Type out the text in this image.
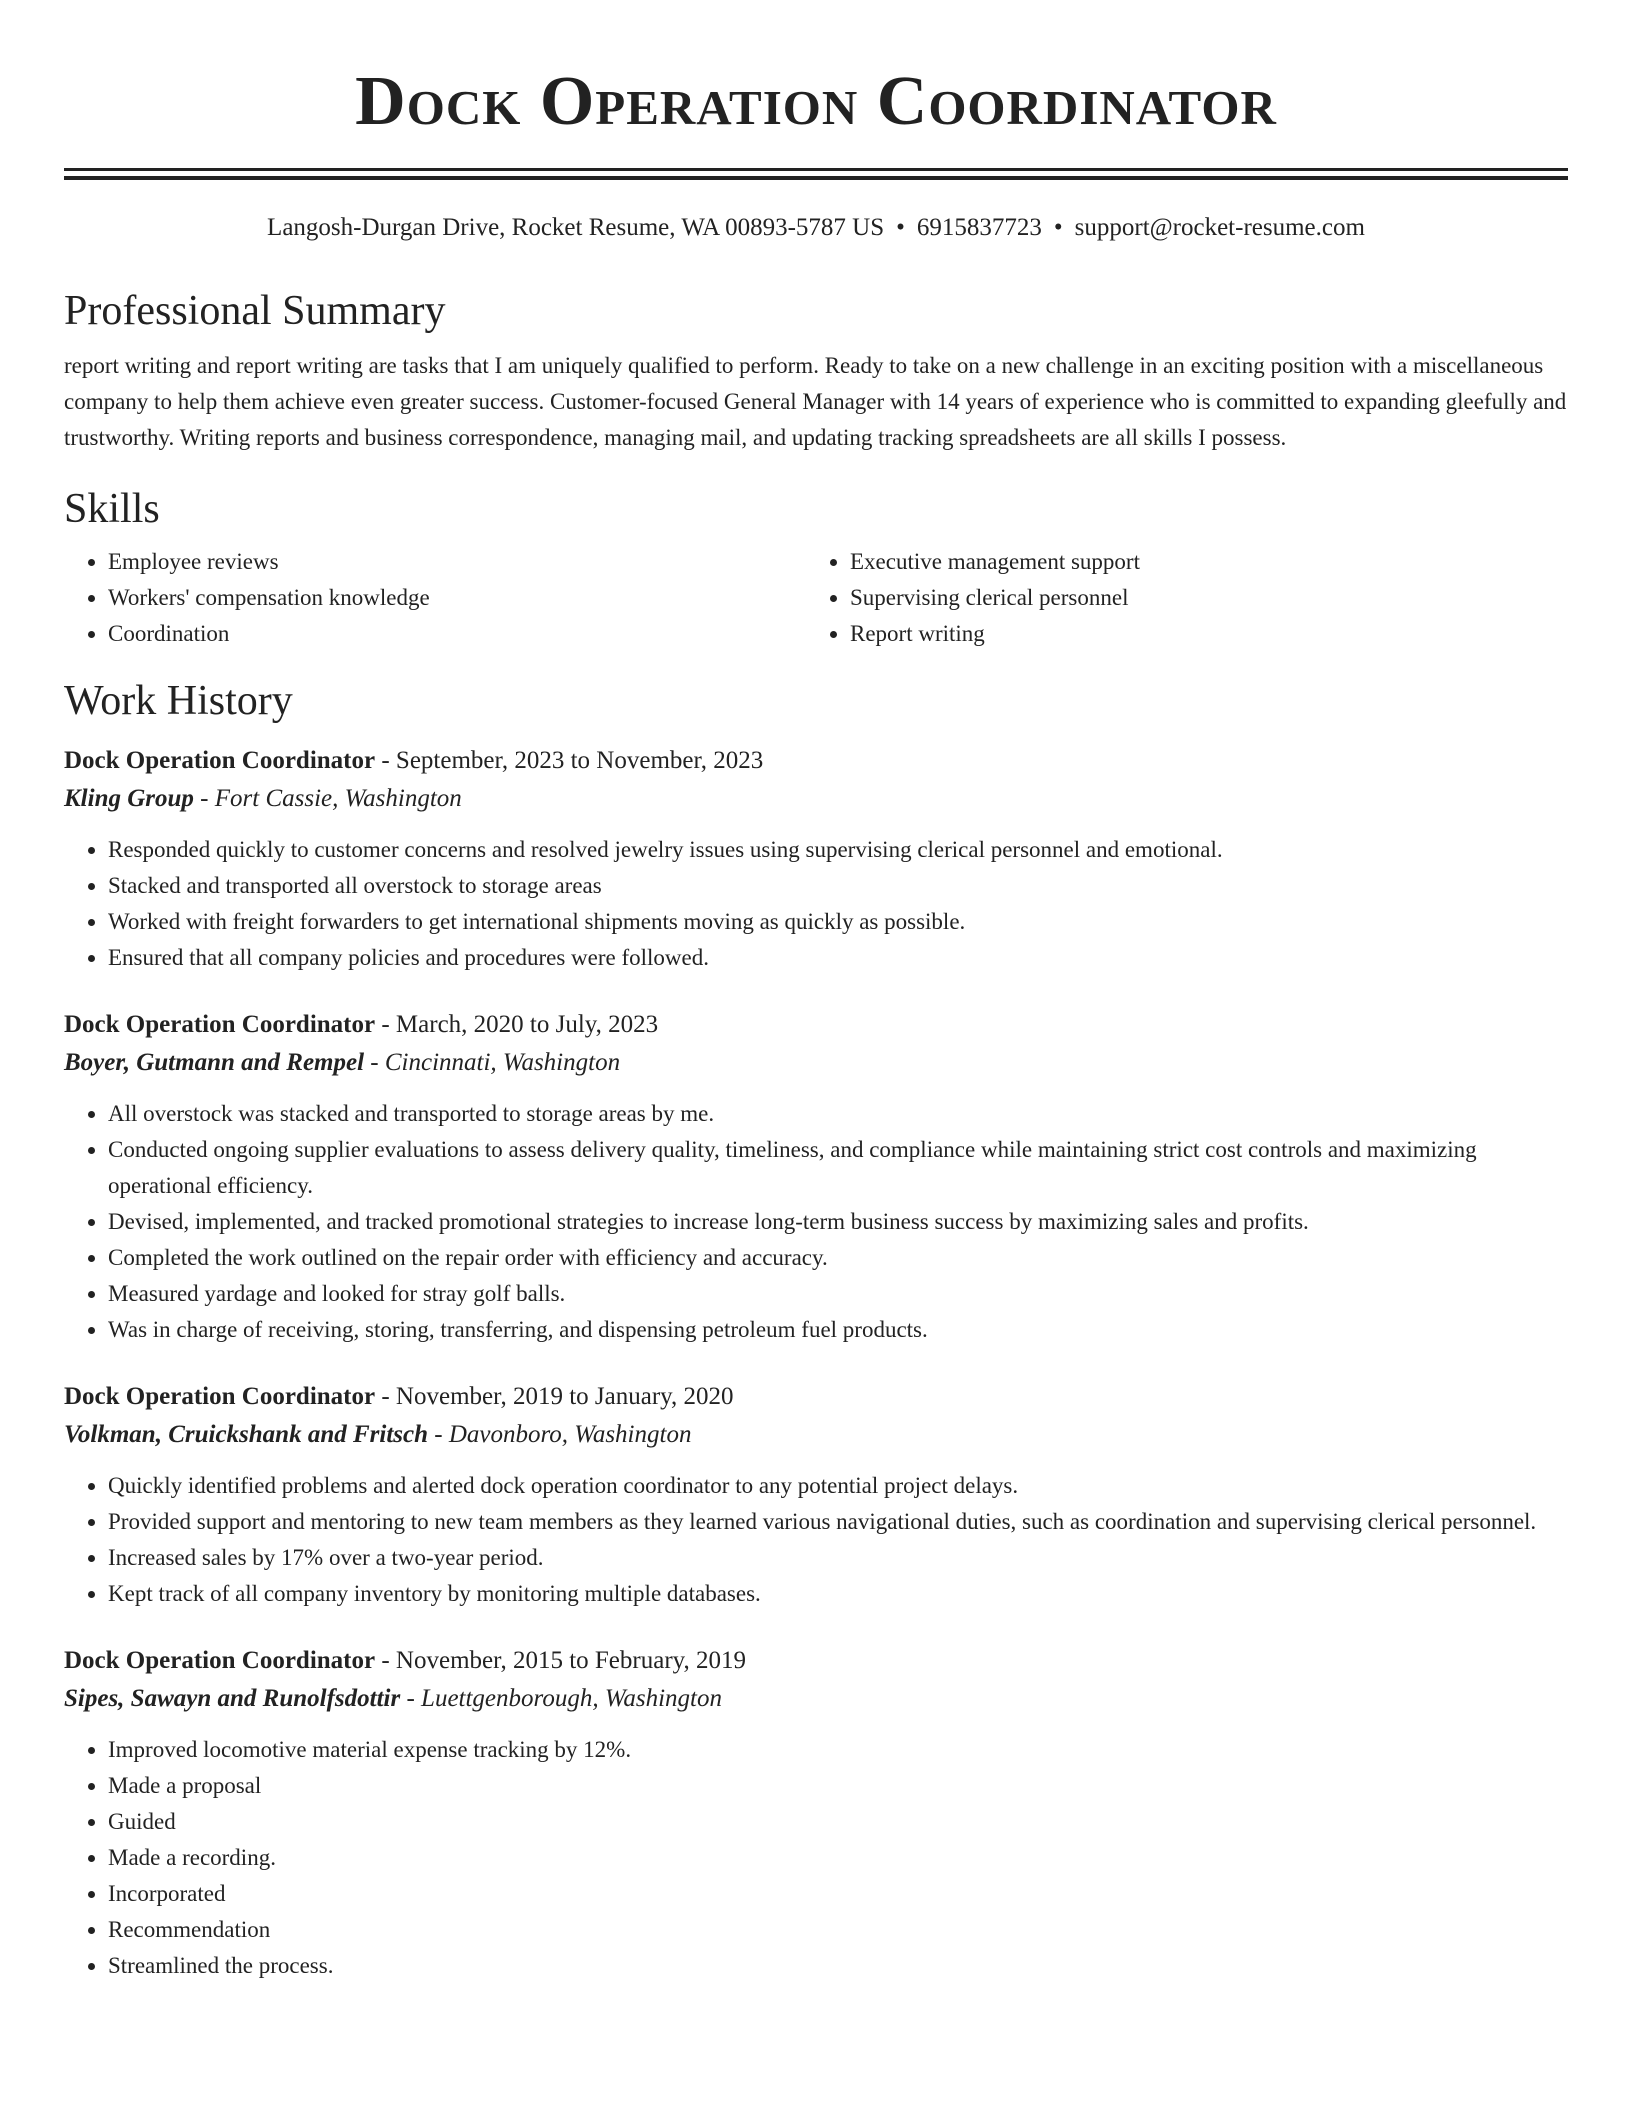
Dock Operation Coordinator
Langosh-Durgan Drive, Rocket Resume, WA 00893-5787 US • 6915837723 • support@rocket-resume.com
Professional Summary

report writing and report writing are tasks that I am uniquely qualified to perform. Ready to take on a new challenge in an exciting position with a miscellaneous company to help them achieve even greater success. Customer-focused General Manager with 14 years of experience who is committed to expanding gleefully and trustworthy. Writing reports and business correspondence, managing mail, and updating tracking spreadsheets are all skills I possess.

Skills
• Employee reviews
• Workers' compensation knowledge
• Coordination
• Executive management support
• Supervising clerical personnel
• Report writing
Work History

Dock Operation Coordinator - September, 2023 to November, 2023

Kling Group - Fort Cassie, Washington

• Responded quickly to customer concerns and resolved jewelry issues using supervising clerical personnel and emotional.
• Stacked and transported all overstock to storage areas
• Worked with freight forwarders to get international shipments moving as quickly as possible.
• Ensured that all company policies and procedures were followed.

Dock Operation Coordinator - March, 2020 to July, 2023

Boyer, Gutmann and Rempel - Cincinnati, Washington

• All overstock was stacked and transported to storage areas by me.
• Conducted ongoing supplier evaluations to assess delivery quality, timeliness, and compliance while maintaining strict cost controls and maximizing operational efficiency.
• Devised, implemented, and tracked promotional strategies to increase long-term business success by maximizing sales and profits.
• Completed the work outlined on the repair order with efficiency and accuracy.
• Measured yardage and looked for stray golf balls.
• Was in charge of receiving, storing, transferring, and dispensing petroleum fuel products.

Dock Operation Coordinator - November, 2019 to January, 2020

Volkman, Cruickshank and Fritsch - Davonboro, Washington

• Quickly identified problems and alerted dock operation coordinator to any potential project delays.
• Provided support and mentoring to new team members as they learned various navigational duties, such as coordination and supervising clerical personnel.
• Increased sales by 17% over a two-year period.
• Kept track of all company inventory by monitoring multiple databases.

Dock Operation Coordinator - November, 2015 to February, 2019

Sipes, Sawayn and Runolfsdottir - Luettgenborough, Washington

• Improved locomotive material expense tracking by 12%.
• Made a proposal
• Guided
• Made a recording.
• Incorporated
• Recommendation
• Streamlined the process.
